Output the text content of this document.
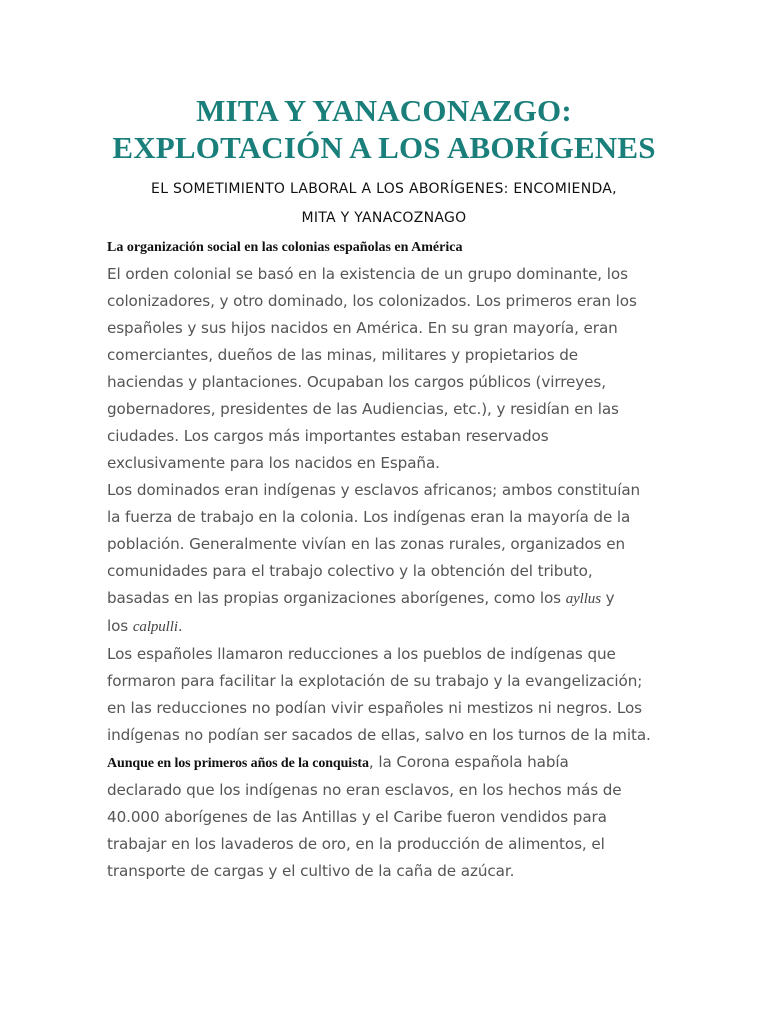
MITA Y YANACONAZGO:
EXPLOTACIÓN A LOS ABORÍGENES
EL SOMETIMIENTO LABORAL A LOS ABORÍGENES: ENCOMIENDA,
MITA Y YANACOZNAGO
La organización social en las colonias españolas en América
El orden colonial se basó en la existencia de un grupo dominante, los
colonizadores, y otro dominado, los colonizados. Los primeros eran los
españoles y sus hijos nacidos en América. En su gran mayoría, eran
comerciantes, dueños de las minas, militares y propietarios de
haciendas y plantaciones. Ocupaban los cargos públicos (virreyes,
gobernadores, presidentes de las Audiencias, etc.), y residían en las
ciudades. Los cargos más importantes estaban reservados
exclusivamente para los nacidos en España.
Los dominados eran indígenas y esclavos africanos; ambos constituían
la fuerza de trabajo en la colonia. Los indígenas eran la mayoría de la
población. Generalmente vivían en las zonas rurales, organizados en
comunidades para el trabajo colectivo y la obtención del tributo,
basadas en las propias organizaciones aborígenes, como los ayllus y
los calpulli.
Los españoles llamaron reducciones a los pueblos de indígenas que
formaron para facilitar la explotación de su trabajo y la evangelización;
en las reducciones no podían vivir españoles ni mestizos ni negros. Los
indígenas no podían ser sacados de ellas, salvo en los turnos de la mita.
Aunque en los primeros años de la conquista, la Corona española había
declarado que los indígenas no eran esclavos, en los hechos más de
40.000 aborígenes de las Antillas y el Caribe fueron vendidos para
trabajar en los lavaderos de oro, en la producción de alimentos, el
transporte de cargas y el cultivo de la caña de azúcar.
